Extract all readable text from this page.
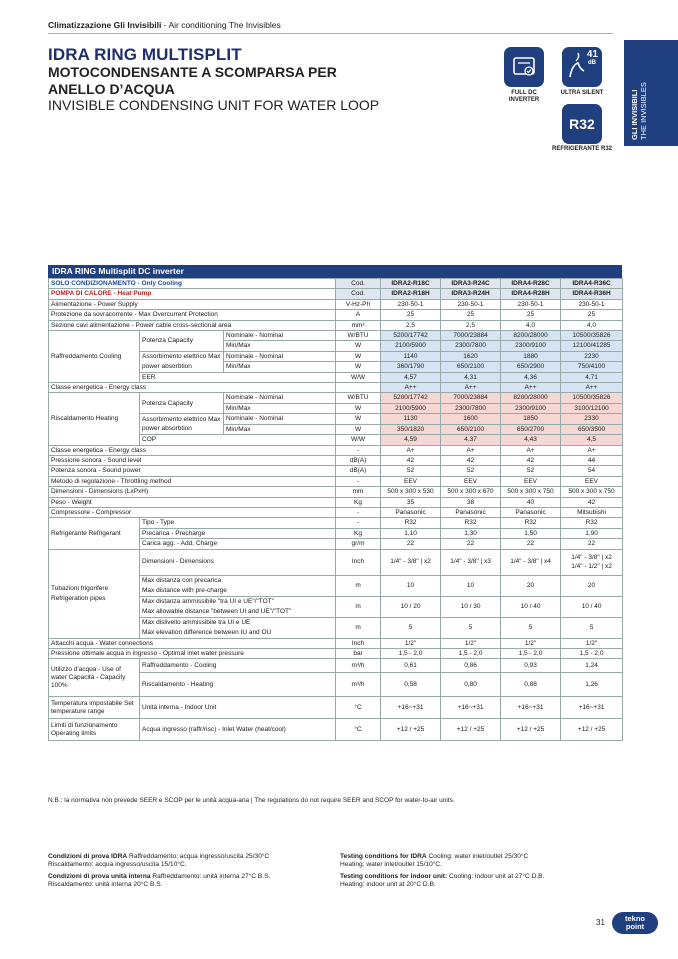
Climatizzazione Gli Invisibili - Air conditioning The Invisibles
IDRA RING MULTISPLIT
MOTOCONDENSANTE A SCOMPARSA PER ANELLO D’ACQUA
INVISIBLE CONDENSING UNIT FOR WATER LOOP
FULL DC INVERTER
41
dB
ULTRA SILENT
R32
REFRIGERANTE R32
GLI INVISIBILI
THE INVISIBLES
IDRA RING Multisplit DC inverter
SOLO CONDIZIONAMENTO - Only Cooling			Cod.	IDRA2-R18C	IDRA3-R24C	IDRA4-R28C	IDRA4-R36C
POMPA DI CALORE - Heat Pump			Cod.	IDRA2-R18H	IDRA3-R24H	IDRA4-R28H	IDRA4-R36H
Alimentazione - Power Supply			V-Hz-Ph	230-50-1	230-50-1	230-50-1	230-50-1
Protezione da sovracorrente - Max Overcurrent Protection			A	25	25	25	25
Sezione cavi alimentazione - Power cable cross-sectional area			mm²	2,5	2,5	4,0	4,0
Raffreddamento Cooling	Potenza Capacity	Nominale - Nominal	W/BTU	5200/17742	7000/23884	8200/28000	10500/35826
		Min/Max	W	2100/5900	2300/7800	2300/9100	12100/41285
	Assorbimento elettrico Max power absorbtion	Nominale - Nominal	W	1140	1620	1880	2230
		Min/Max	W	360/1790	650/2100	650/2900	750/4100
	EER		W/W	4,57	4,31	4,36	4,71
Classe energetica - Energy class				A++	A++	A++	A++
Riscaldamento Heating	Potenza Capacity	Nominale - Nominal	W/BTU	5200/17742	7000/23884	8200/28000	10500/35826
		Min/Max	W	2100/5900	2300/7800	2300/9100	3100/12100
	Assorbimento elettrico Max power absorbtion	Nominale - Nominal	W	1130	1600	1850	2330
		Min/Max	W	350/1820	650/2100	650/2700	650/3500
	COP		W/W	4,59	4,37	4,43	4,5
Classe energetica - Energy class			-	A+	A+	A+	A+
Pressione sonora - Sound level			dB(A)	42	42	42	44
Potenza sonora - Sound power			dB(A)	52	52	52	54
Metodo di regolazione - Throttling method			-	EEV	EEV	EEV	EEV
Dimensioni - Dimensions (LxPxH)			mm	500 x 300 x 530	500 x 300 x 670	500 x 300 x 750	500 x 300 x 750
Peso - Weight			Kg	35	38	40	42
Compressore - Compressor			-	Panasonic	Panasonic	Panasonic	Mitsubishi
Refrigerante Refrigerant	Tipo - Type		-	R32	R32	R32	R32
	Precarica - Precharge		Kg	1,10	1,30	1,50	1,90
	Carica agg. - Add. Charge		gr/m	22	22	22	22
Tubazioni frigorifere Refrigeration pipes	Dimensioni - Dimensions		Inch	1/4" - 3/8" | x2	1/4" - 3/8" | x3	1/4" - 3/8" | x4	1/4" - 3/8" | x2
1/4" - 1/2" | x2
	Max distanza con precarica
Max distance with pre-charge		m	10	10	20	20
	Max distanza ammissibile "tra UI e UE"/"TOT"
Max allowable distance "between UI and UE"/"TOT"		m	10 / 20	10 / 30	10 / 40	10 / 40
	Max dislivello ammissibile tra UI e UE
Max elevation difference between IU and OU		m	5	5	5	5
Attacchi acqua - Water connections			Inch	1/2"	1/2"	1/2"	1/2"
Pressione ottimale acqua in ingresso - Optimal inlet water pressure			bar	1,5 - 2,0	1,5 - 2,0	1,5 - 2,0	1,5 - 2,0
Utilizzo d'acqua - Use of water Capacità - Capacity 100%	Raffreddamento - Cooling		m³/h	0,61	0,86	0,93	1,24
	Riscaldamento - Heating		m³/h	0,58	0,80	0,88	1,26
Temperatura impostabile Set temperature range	Unità interna - Indoor Unit		°C	+16~+31	+16~+31	+16~+31	+16~+31
Limiti di funzionamento Operating limits	Acqua ingresso (raffr/risc) - Inlet Water (heat/cool)		°C	+12 / +25	+12 / +25	+12 / +25	+12 / +25
N.B.: la normativa non prevede SEER e SCOP per le unità acqua-aria | The regulations do not require SEER and SCOP for water-to-air units.
Condizioni di prova IDRA Raffreddamento: acqua ingresso/uscita 25/30°C
Riscaldamento: acqua ingresso/uscita 15/10°C.
Condizioni di prova unità interna Raffreddamento: unità interna 27°C B.S.
Riscaldamento: unità interna 20°C B.S.
Testing conditions for IDRA Cooling: water inlet/outlet 25/30°C
Heating: water inlet/outlet 15/10°C.
Testing conditions for indoor unit: Cooling: indoor unit at 27°C D.B.
Heating: indoor unit at 20°C D.B.
31	tekno
point
